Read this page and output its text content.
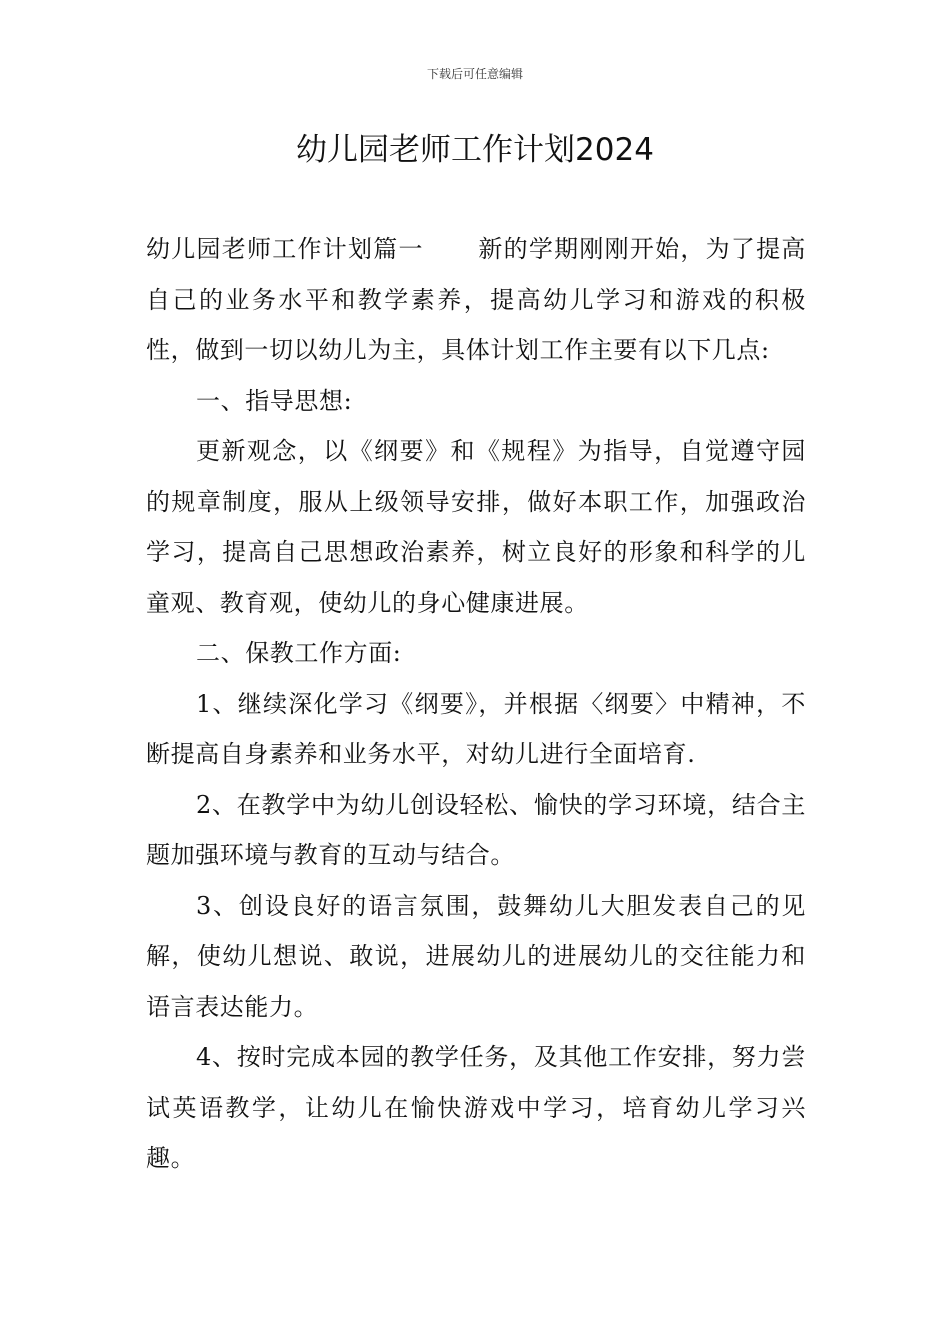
下载后可任意编辑
幼儿园老师工作计划2024

幼儿园老师工作计划篇一 新的学期刚刚开始，为了提高自己的业务水平和教学素养，提高幼儿学习和游戏的积极性，做到一切以幼儿为主，具体计划工作主要有以下几点:

一、指导思想:

更新观念，以《纲要》和《规程》为指导，自觉遵守园的规章制度，服从上级领导安排，做好本职工作，加强政治学习，提高自己思想政治素养，树立良好的形象和科学的儿童观、教育观，使幼儿的身心健康进展。

二、保教工作方面:

1、继续深化学习《纲要》，并根据〈纲要〉中精神，不断提高自身素养和业务水平，对幼儿进行全面培育.

2、在教学中为幼儿创设轻松、愉快的学习环境，结合主题加强环境与教育的互动与结合。

3、创设良好的语言氛围，鼓舞幼儿大胆发表自己的见解，使幼儿想说、敢说，进展幼儿的进展幼儿的交往能力和语言表达能力。

4、按时完成本园的教学任务，及其他工作安排，努力尝试英语教学，让幼儿在愉快游戏中学习，培育幼儿学习兴趣。
